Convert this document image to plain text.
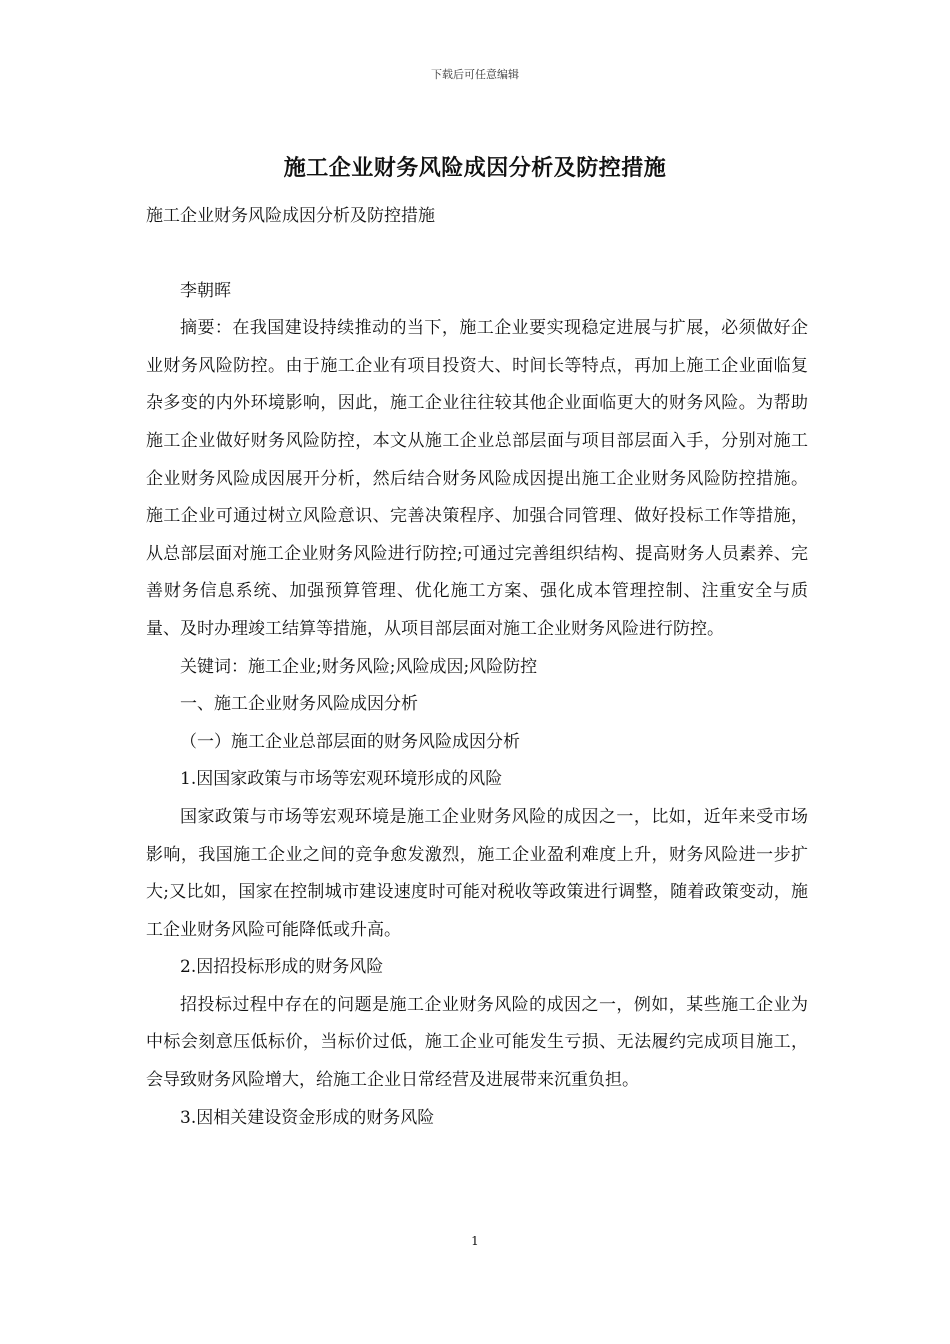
下载后可任意编辑
施工企业财务风险成因分析及防控措施

施工企业财务风险成因分析及防控措施

李朝晖

摘要：在我国建设持续推动的当下，施工企业要实现稳定进展与扩展，必须做好企业财务风险防控。由于施工企业有项目投资大、时间长等特点，再加上施工企业面临复杂多变的内外环境影响，因此，施工企业往往较其他企业面临更大的财务风险。为帮助施工企业做好财务风险防控，本文从施工企业总部层面与项目部层面入手，分别对施工企业财务风险成因展开分析，然后结合财务风险成因提出施工企业财务风险防控措施。施工企业可通过树立风险意识、完善决策程序、加强合同管理、做好投标工作等措施，从总部层面对施工企业财务风险进行防控;可通过完善组织结构、提高财务人员素养、完善财务信息系统、加强预算管理、优化施工方案、强化成本管理控制、注重安全与质量、及时办理竣工结算等措施，从项目部层面对施工企业财务风险进行防控。

关键词：施工企业;财务风险;风险成因;风险防控

一、施工企业财务风险成因分析

（一）施工企业总部层面的财务风险成因分析

1.因国家政策与市场等宏观环境形成的风险

国家政策与市场等宏观环境是施工企业财务风险的成因之一，比如，近年来受市场影响，我国施工企业之间的竞争愈发激烈，施工企业盈利难度上升，财务风险进一步扩大;又比如，国家在控制城市建设速度时可能对税收等政策进行调整，随着政策变动，施工企业财务风险可能降低或升高。

2.因招投标形成的财务风险

招投标过程中存在的问题是施工企业财务风险的成因之一，例如，某些施工企业为中标会刻意压低标价，当标价过低，施工企业可能发生亏损、无法履约完成项目施工，会导致财务风险增大，给施工企业日常经营及进展带来沉重负担。

3.因相关建设资金形成的财务风险

1
